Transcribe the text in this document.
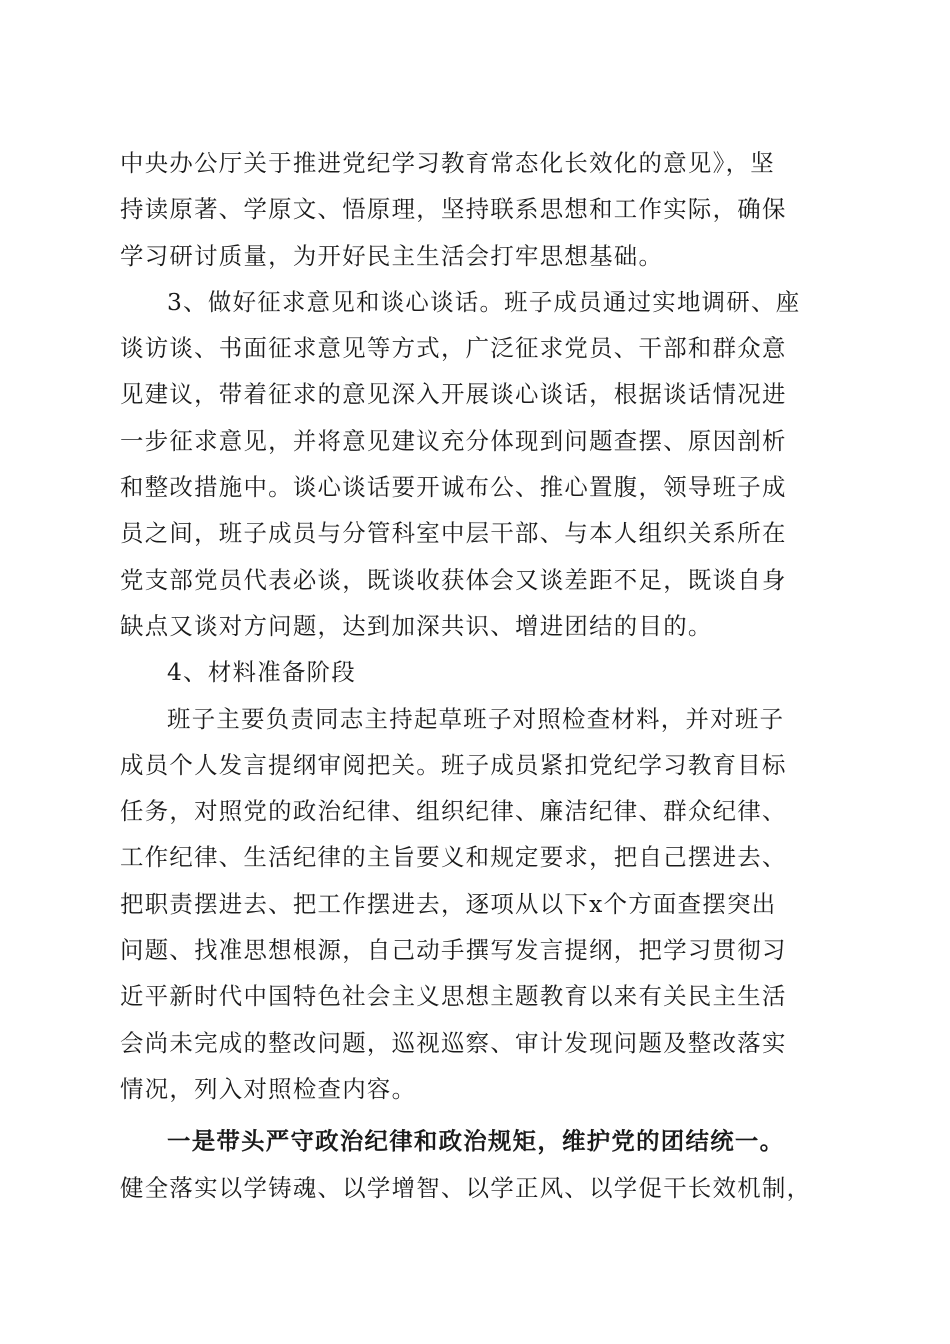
中央办公厅关于推进党纪学习教育常态化长效化的意见》，坚
持读原著、学原文、悟原理，坚持联系思想和工作实际，确保
学习研讨质量，为开好民主生活会打牢思想基础。
3、做好征求意见和谈心谈话。班子成员通过实地调研、座
谈访谈、书面征求意见等方式，广泛征求党员、干部和群众意
见建议，带着征求的意见深入开展谈心谈话，根据谈话情况进
一步征求意见，并将意见建议充分体现到问题查摆、原因剖析
和整改措施中。谈心谈话要开诚布公、推心置腹，领导班子成
员之间，班子成员与分管科室中层干部、与本人组织关系所在
党支部党员代表必谈，既谈收获体会又谈差距不足，既谈自身
缺点又谈对方问题，达到加深共识、增进团结的目的。
4、材料准备阶段
班子主要负责同志主持起草班子对照检查材料，并对班子
成员个人发言提纲审阅把关。班子成员紧扣党纪学习教育目标
任务，对照党的政治纪律、组织纪律、廉洁纪律、群众纪律、
工作纪律、生活纪律的主旨要义和规定要求，把自己摆进去、
把职责摆进去、把工作摆进去，逐项从以下x个方面查摆突出
问题、找准思想根源，自己动手撰写发言提纲，把学习贯彻习
近平新时代中国特色社会主义思想主题教育以来有关民主生活
会尚未完成的整改问题，巡视巡察、审计发现问题及整改落实
情况，列入对照检查内容。
一是带头严守政治纪律和政治规矩，维护党的团结统一。
健全落实以学铸魂、以学增智、以学正风、以学促干长效机制，
